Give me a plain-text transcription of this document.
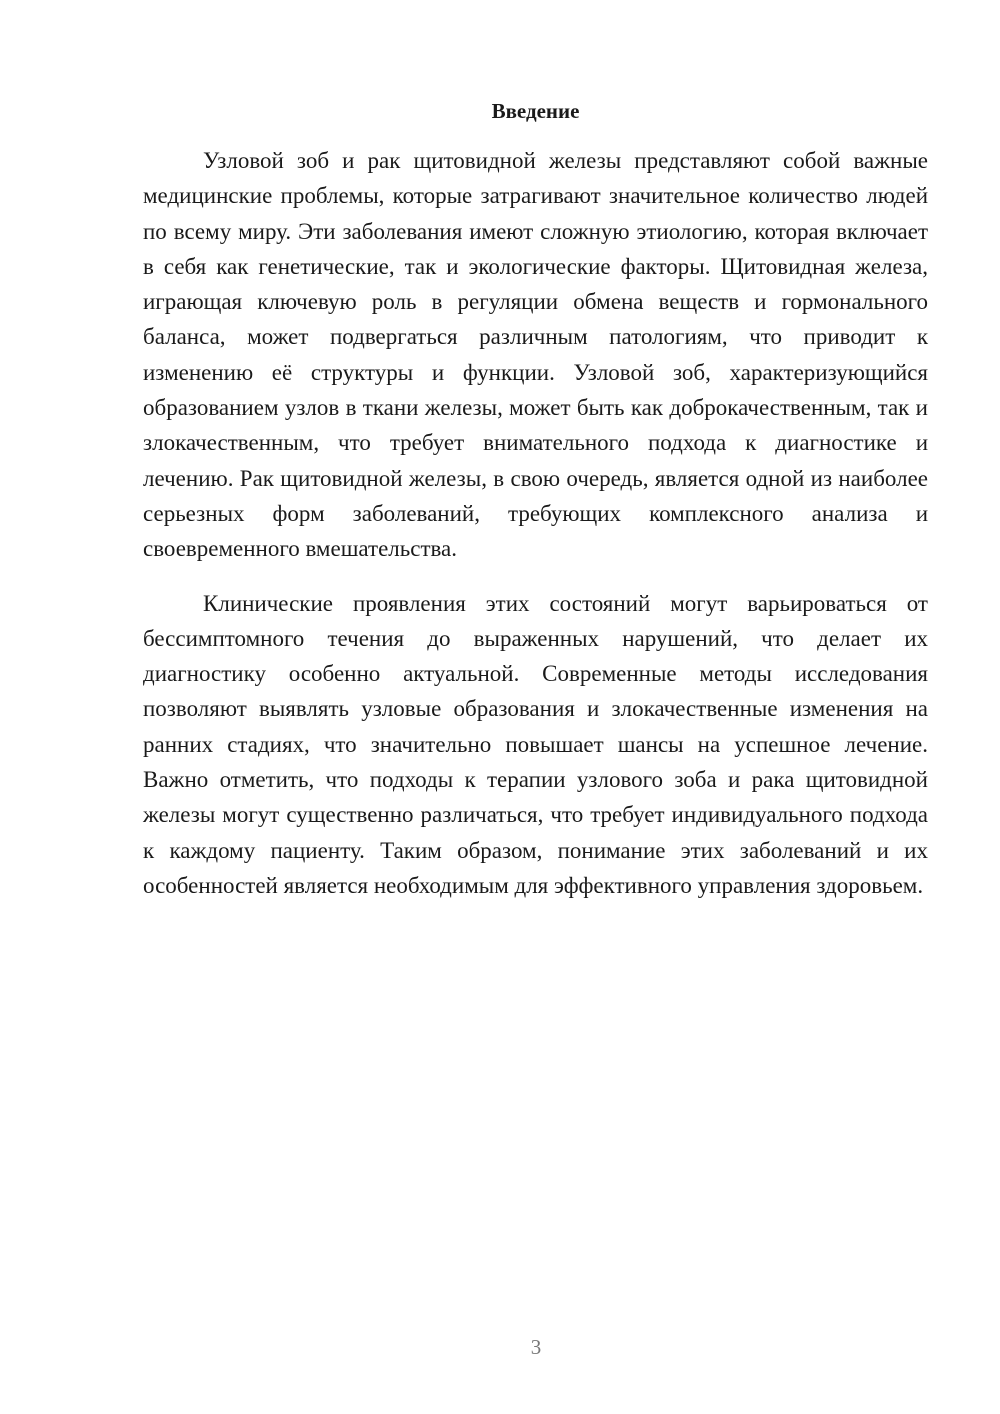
Введение

Узловой зоб и рак щитовидной железы представляют собой важные медицинские проблемы, которые затрагивают значительное количество людей по всему миру. Эти заболевания имеют сложную этиологию, которая включает в себя как генетические, так и экологические факторы. Щитовидная железа, играющая ключевую роль в регуляции обмена веществ и гормонального баланса, может подвергаться различным патологиям, что приводит к изменению её структуры и функции. Узловой зоб, характеризующийся образованием узлов в ткани железы, может быть как доброкачественным, так и злокачественным, что требует внимательного подхода к диагностике и лечению. Рак щитовидной железы, в свою очередь, является одной из наиболее серьезных форм заболеваний, требующих комплексного анализа и своевременного вмешательства.

Клинические проявления этих состояний могут варьироваться от бессимптомного течения до выраженных нарушений, что делает их диагностику особенно актуальной. Современные методы исследования позволяют выявлять узловые образования и злокачественные изменения на ранних стадиях, что значительно повышает шансы на успешное лечение. Важно отметить, что подходы к терапии узлового зоба и рака щитовидной железы могут существенно различаться, что требует индивидуального подхода к каждому пациенту. Таким образом, понимание этих заболеваний и их особенностей является необходимым для эффективного управления здоровьем.

3
